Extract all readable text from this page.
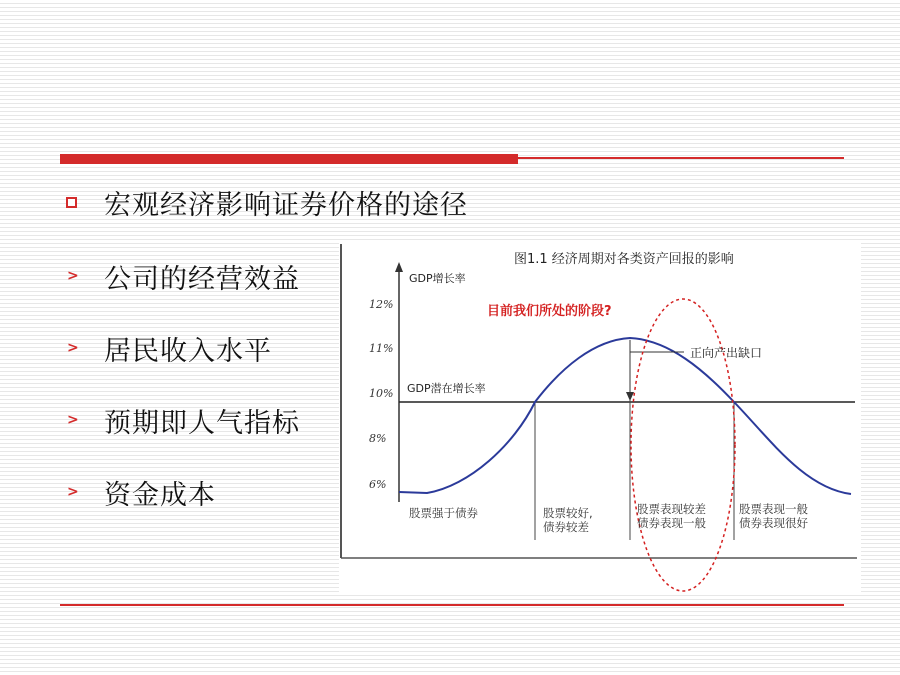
宏观经济影响证券价格的途径
> 公司的经营效益
> 居民收入水平
> 预期即人气指标
> 资金成本
图1.1 经济周期对各类资产回报的影响
GDP增长率
目前我们所处的阶段?
12%
11%
10%
8%
6%
GDP潜在增长率
正向产出缺口
股票强于债券	股票较好,
债券较差
股票表现较差
债券表现一般
股票表现一般
债券表现很好
